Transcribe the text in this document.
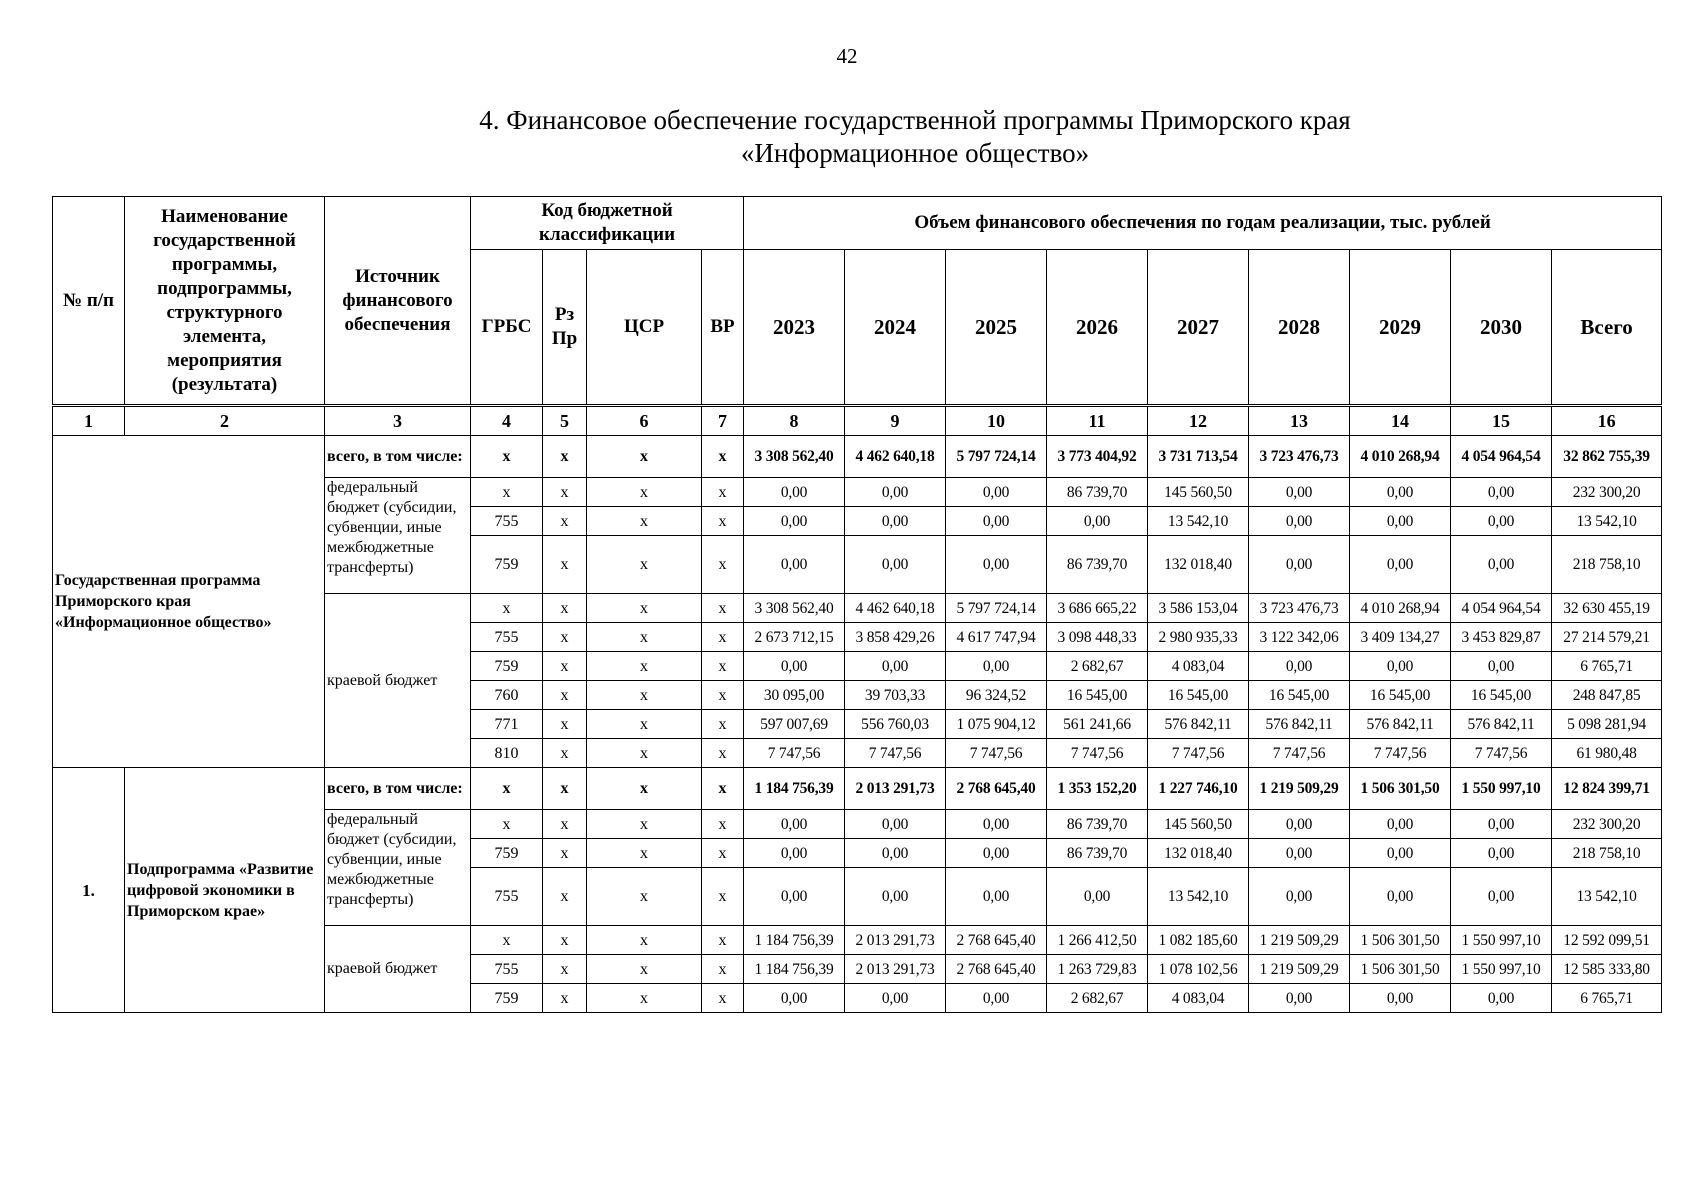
42
4. Финансовое обеспечение государственной программы Приморского края
«Информационное общество»
№ п/п	Наименование государственной программы, подпрограммы, структурного элемента, мероприятия (результата)	Источник финансового обеспечения	Код бюджетной классификации				Объем финансового обеспечения по годам реализации, тыс. рублей								
			ГРБС	Рз Пр	ЦСР	ВР	2023	2024	2025	2026	2027	2028	2029	2030	Всего
1	2	3	4	5	6	7	8	9	10	11	12	13	14	15	16
Государственная программа Приморского края «Информационное общество»		всего, в том числе:	x	x	x	x	3 308 562,40	4 462 640,18	5 797 724,14	3 773 404,92	3 731 713,54	3 723 476,73	4 010 268,94	4 054 964,54	32 862 755,39
		федеральный бюджет (субсидии, субвенции, иные межбюджетные трансферты)	x	x	x	x	0,00	0,00	0,00	86 739,70	145 560,50	0,00	0,00	0,00	232 300,20
			755	x	x	x	0,00	0,00	0,00	0,00	13 542,10	0,00	0,00	0,00	13 542,10
			759	x	x	x	0,00	0,00	0,00	86 739,70	132 018,40	0,00	0,00	0,00	218 758,10
		краевой бюджет	x	x	x	x	3 308 562,40	4 462 640,18	5 797 724,14	3 686 665,22	3 586 153,04	3 723 476,73	4 010 268,94	4 054 964,54	32 630 455,19
			755	x	x	x	2 673 712,15	3 858 429,26	4 617 747,94	3 098 448,33	2 980 935,33	3 122 342,06	3 409 134,27	3 453 829,87	27 214 579,21
			759	x	x	x	0,00	0,00	0,00	2 682,67	4 083,04	0,00	0,00	0,00	6 765,71
			760	x	x	x	30 095,00	39 703,33	96 324,52	16 545,00	16 545,00	16 545,00	16 545,00	16 545,00	248 847,85
			771	x	x	x	597 007,69	556 760,03	1 075 904,12	561 241,66	576 842,11	576 842,11	576 842,11	576 842,11	5 098 281,94
			810	x	x	x	7 747,56	7 747,56	7 747,56	7 747,56	7 747,56	7 747,56	7 747,56	7 747,56	61 980,48
1.	Подпрограмма «Развитие цифровой экономики в Приморском крае»	всего, в том числе:	x	x	x	x	1 184 756,39	2 013 291,73	2 768 645,40	1 353 152,20	1 227 746,10	1 219 509,29	1 506 301,50	1 550 997,10	12 824 399,71
		федеральный бюджет (субсидии, субвенции, иные межбюджетные трансферты)	x	x	x	x	0,00	0,00	0,00	86 739,70	145 560,50	0,00	0,00	0,00	232 300,20
			759	x	x	x	0,00	0,00	0,00	86 739,70	132 018,40	0,00	0,00	0,00	218 758,10
			755	x	x	x	0,00	0,00	0,00	0,00	13 542,10	0,00	0,00	0,00	13 542,10
		краевой бюджет	x	x	x	x	1 184 756,39	2 013 291,73	2 768 645,40	1 266 412,50	1 082 185,60	1 219 509,29	1 506 301,50	1 550 997,10	12 592 099,51
			755	x	x	x	1 184 756,39	2 013 291,73	2 768 645,40	1 263 729,83	1 078 102,56	1 219 509,29	1 506 301,50	1 550 997,10	12 585 333,80
			759	x	x	x	0,00	0,00	0,00	2 682,67	4 083,04	0,00	0,00	0,00	6 765,71
